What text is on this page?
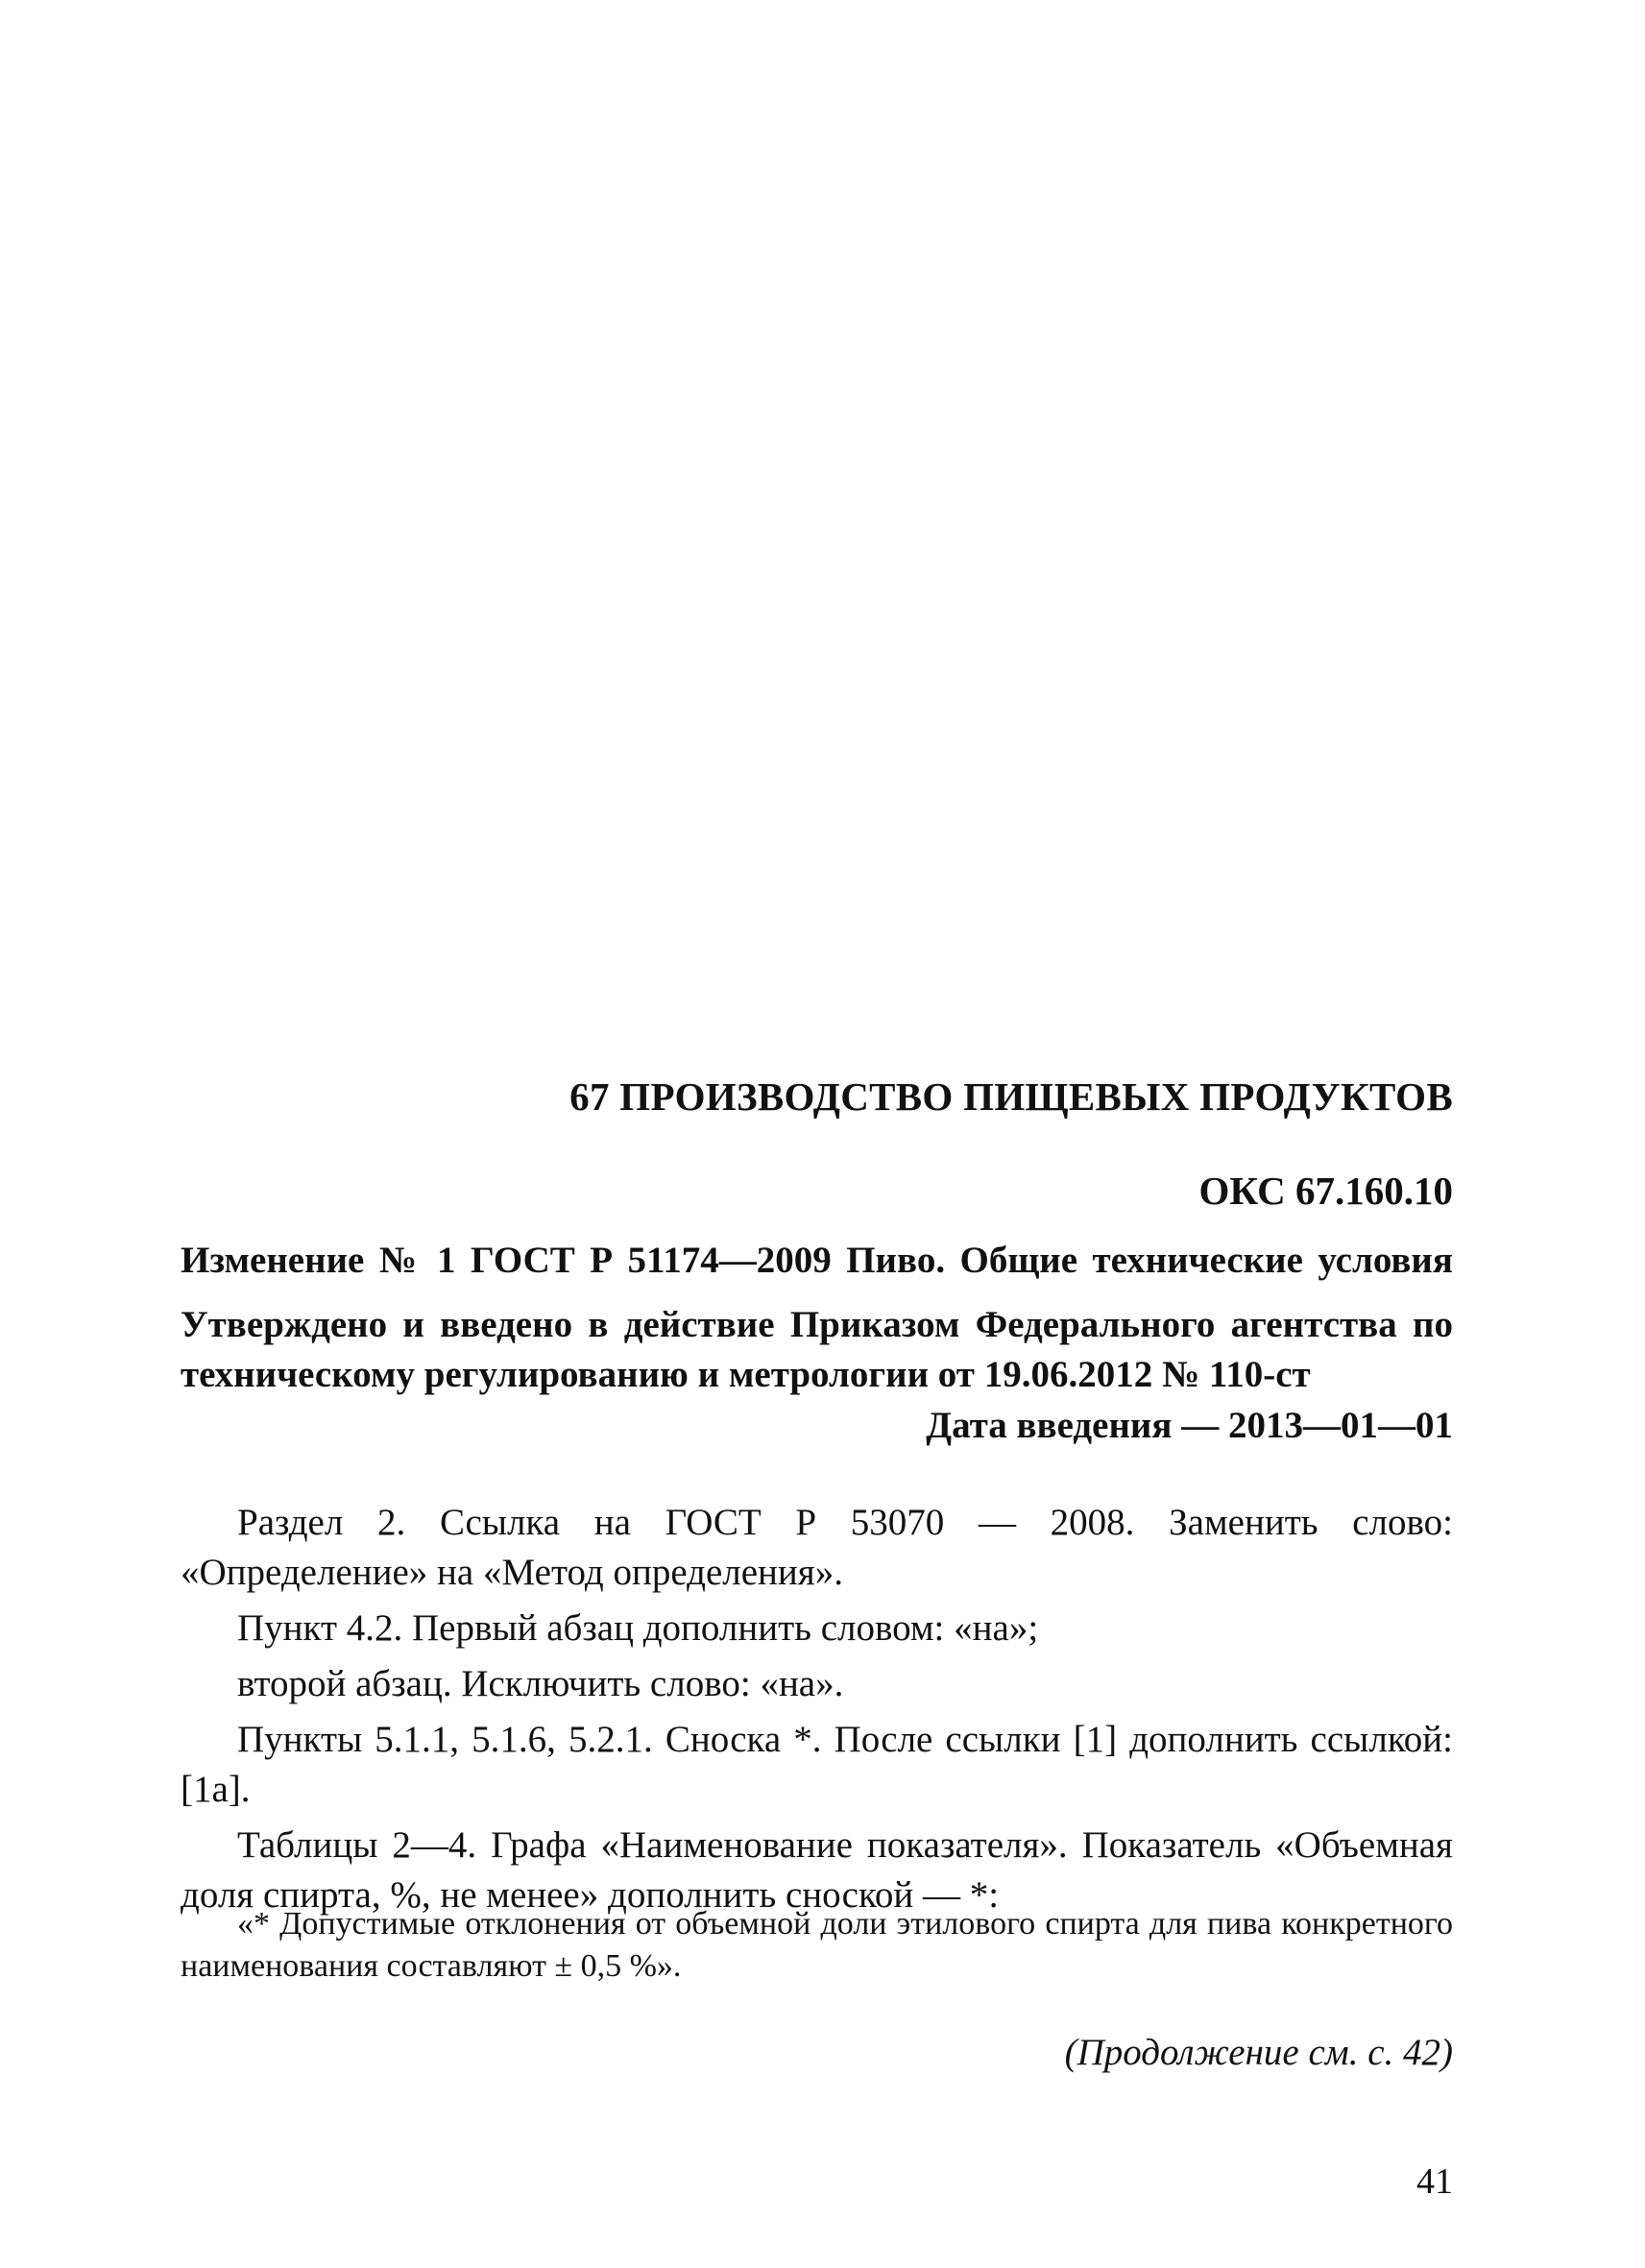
67 ПРОИЗВОДСТВО ПИЩЕВЫХ ПРОДУКТОВ
ОКС 67.160.10
Изменение № 1 ГОСТ Р 51174—2009 Пиво. Общие технические условия
Утверждено и введено в действие Приказом Федерального агентства по
техническому регулированию и метрологии от 19.06.2012 № 110-ст
Дата введения — 2013—01—01

Раздел 2. Ссылка на ГОСТ Р 53070 — 2008. Заменить слово: «Определение» на «Метод определения».

Пункт 4.2. Первый абзац дополнить словом: «на»;

второй абзац. Исключить слово: «на».

Пункты 5.1.1, 5.1.6, 5.2.1. Сноска *. После ссылки [1] дополнить ссылкой: [1а].

Таблицы 2—4. Графа «Наименование показателя». Показатель «Объемная доля спирта, %, не менее» дополнить сноской — *:

«* Допустимые отклонения от объемной доли этилового спирта для пива конкретного наименования составляют ± 0,5 %».

(Продолжение см. с. 42)
41
